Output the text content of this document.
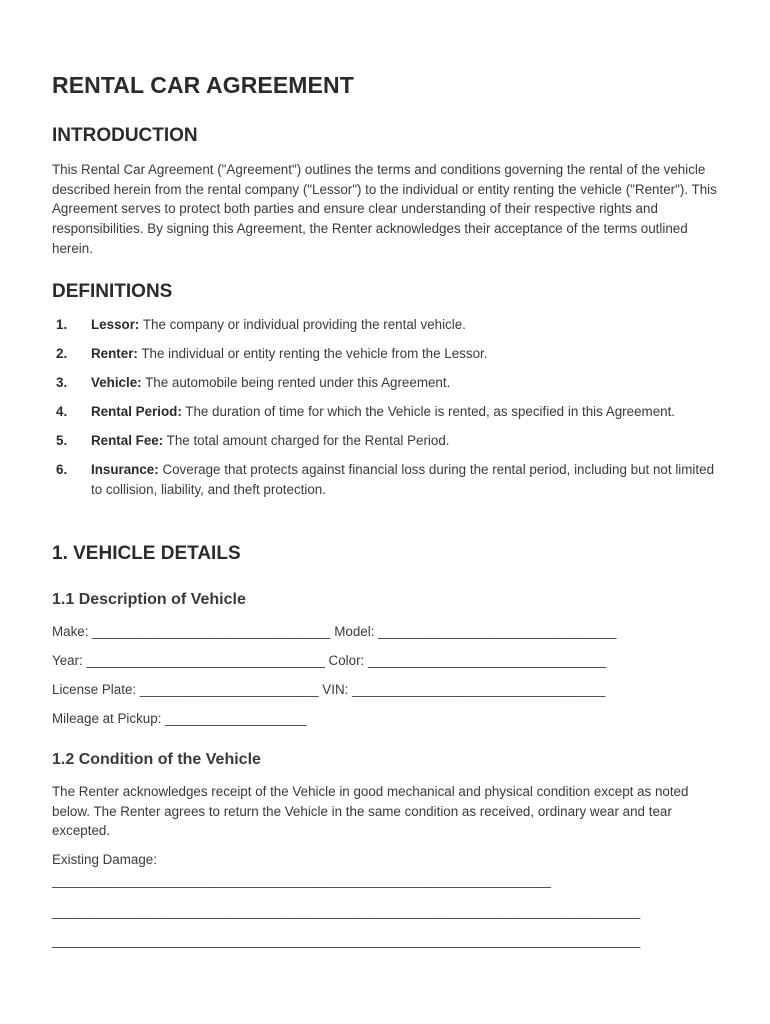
RENTAL CAR AGREEMENT
INTRODUCTION

This Rental Car Agreement ("Agreement") outlines the terms and conditions governing the rental of the vehicle described herein from the rental company ("Lessor") to the individual or entity renting the vehicle ("Renter"). This Agreement serves to protect both parties and ensure clear understanding of their respective rights and responsibilities. By signing this Agreement, the Renter acknowledges their acceptance of the terms outlined herein.

DEFINITIONS
1. Lessor: The company or individual providing the rental vehicle.
2. Renter: The individual or entity renting the vehicle from the Lessor.
3. Vehicle: The automobile being rented under this Agreement.
4. Rental Period: The duration of time for which the Vehicle is rented, as specified in this Agreement.
5. Rental Fee: The total amount charged for the Rental Period.
6. Insurance: Coverage that protects against financial loss during the rental period, including but not limited to collision, liability, and theft protection.
1. VEHICLE DETAILS
1.1 Description of Vehicle

Make: ________________________________ Model: ________________________________

Year: ________________________________ Color: ________________________________

License Plate: ________________________ VIN: __________________________________

Mileage at Pickup: ___________________

1.2 Condition of the Vehicle

The Renter acknowledges receipt of the Vehicle in good mechanical and physical condition except as noted below. The Renter agrees to return the Vehicle in the same condition as received, ordinary wear and tear excepted.

Existing Damage:

___________________________________________________________________

_______________________________________________________________________________

_______________________________________________________________________________
